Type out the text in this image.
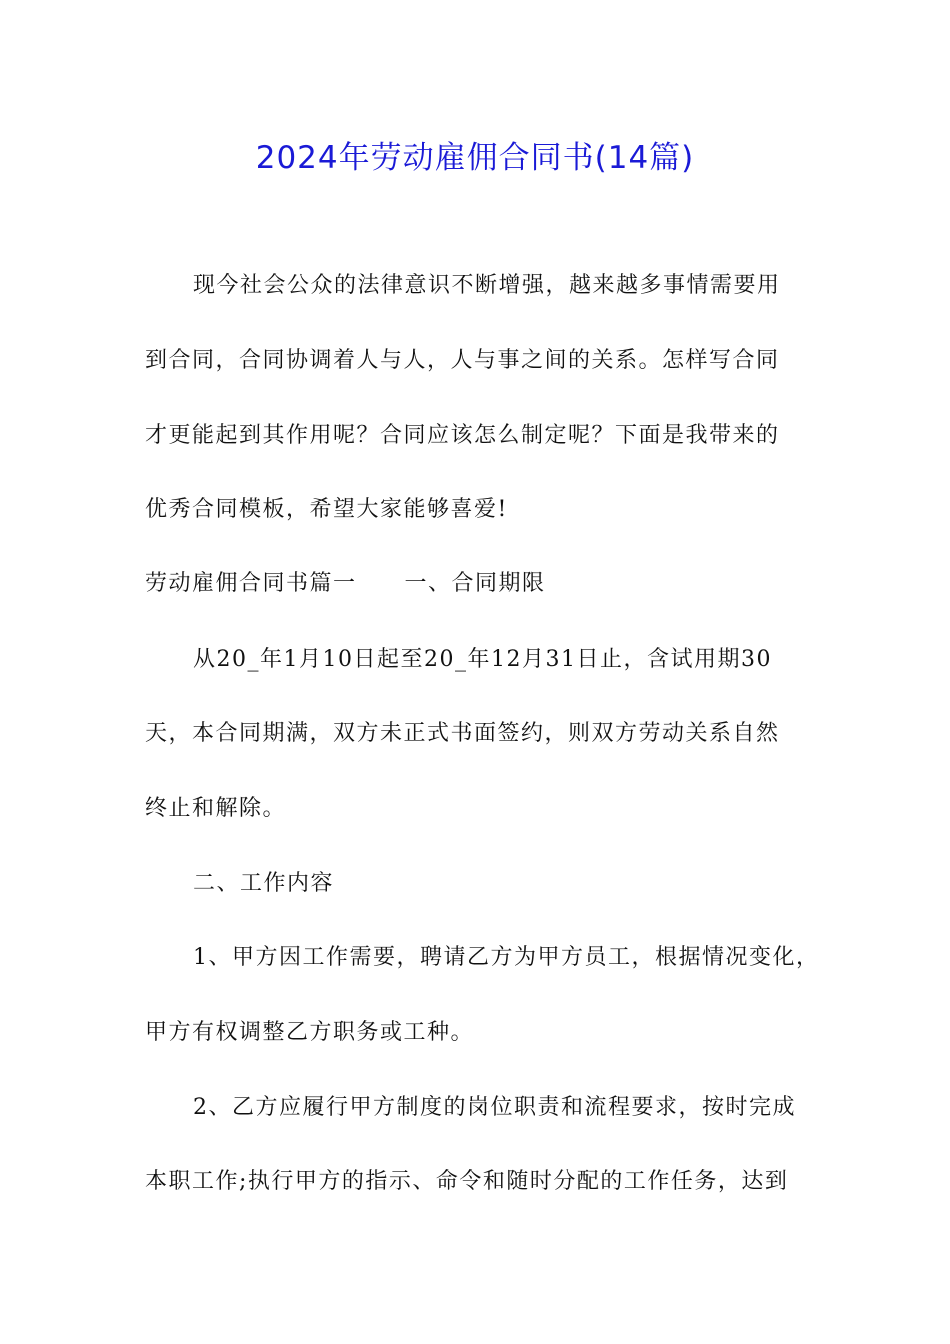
2024年劳动雇佣合同书(14篇)
现今社会公众的法律意识不断增强，越来越多事情需要用
到合同，合同协调着人与人，人与事之间的关系。怎样写合同
才更能起到其作用呢？合同应该怎么制定呢？下面是我带来的
优秀合同模板，希望大家能够喜爱!
劳动雇佣合同书篇一 一、合同期限
从20_年1月10日起至20_年12月31日止，含试用期30
天，本合同期满，双方未正式书面签约，则双方劳动关系自然
终止和解除。
二、工作内容
1、甲方因工作需要，聘请乙方为甲方员工，根据情况变化，
甲方有权调整乙方职务或工种。
2、乙方应履行甲方制度的岗位职责和流程要求，按时完成
本职工作;执行甲方的指示、命令和随时分配的工作任务，达到
